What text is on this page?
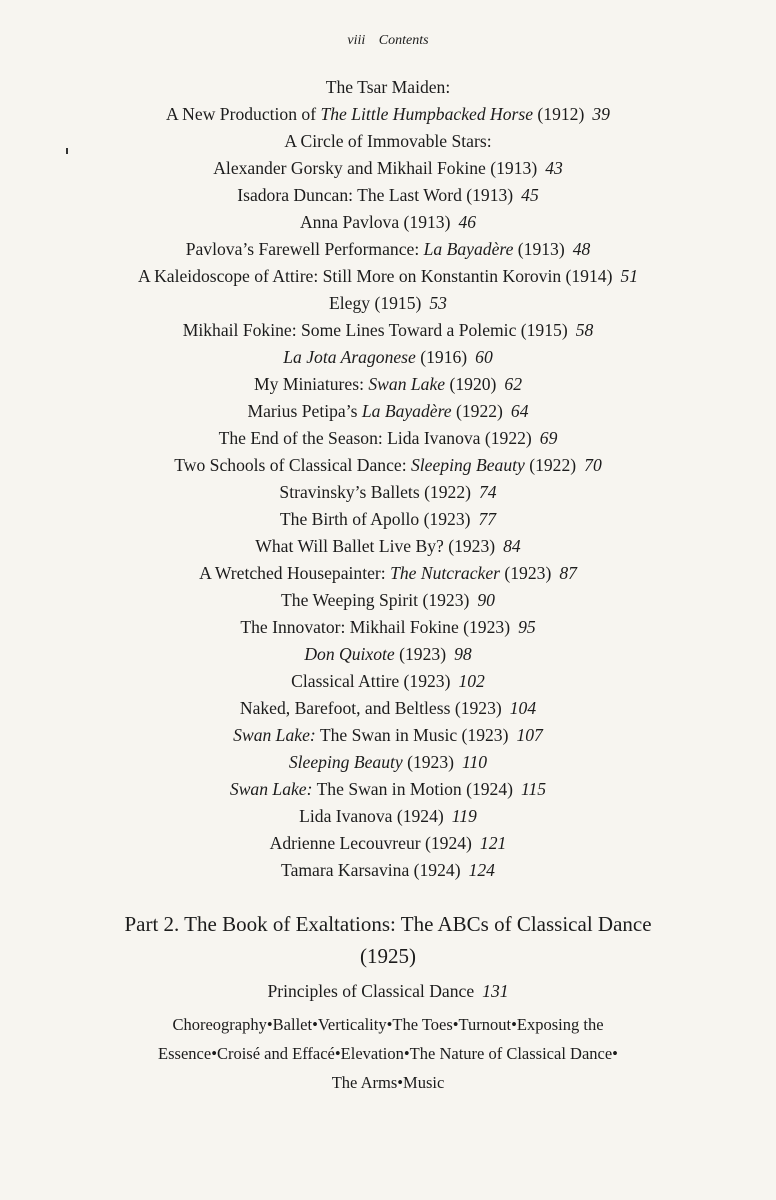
viii Contents
The Tsar Maiden:
A New Production of The Little Humpbacked Horse (1912) 39
A Circle of Immovable Stars:
Alexander Gorsky and Mikhail Fokine (1913) 43
Isadora Duncan: The Last Word (1913) 45
Anna Pavlova (1913) 46
Pavlova’s Farewell Performance: La Bayadère (1913) 48
A Kaleidoscope of Attire: Still More on Konstantin Korovin (1914) 51
Elegy (1915) 53
Mikhail Fokine: Some Lines Toward a Polemic (1915) 58
La Jota Aragonese (1916) 60
My Miniatures: Swan Lake (1920) 62
Marius Petipa’s La Bayadère (1922) 64
The End of the Season: Lida Ivanova (1922) 69
Two Schools of Classical Dance: Sleeping Beauty (1922) 70
Stravinsky’s Ballets (1922) 74
The Birth of Apollo (1923) 77
What Will Ballet Live By? (1923) 84
A Wretched Housepainter: The Nutcracker (1923) 87
The Weeping Spirit (1923) 90
The Innovator: Mikhail Fokine (1923) 95
Don Quixote (1923) 98
Classical Attire (1923) 102
Naked, Barefoot, and Beltless (1923) 104
Swan Lake: The Swan in Music (1923) 107
Sleeping Beauty (1923) 110
Swan Lake: The Swan in Motion (1924) 115
Lida Ivanova (1924) 119
Adrienne Lecouvreur (1924) 121
Tamara Karsavina (1924) 124
Part 2. The Book of Exaltations: The ABCs of Classical Dance
(1925)
Principles of Classical Dance 131
Choreography•Ballet•Verticality•The Toes•Turnout•Exposing the Essence•Croisé and Effacé•Elevation•The Nature of Classical Dance•
The Arms•Music
